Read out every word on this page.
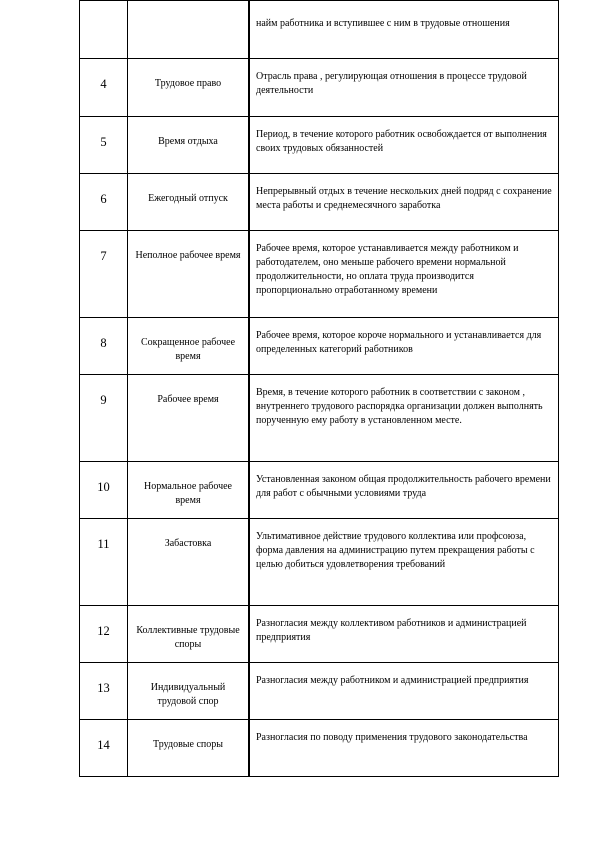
		найм работника и вступившее с ним в трудовые отношения

4	Трудовое право	Отрасль права , регулирующая отношения в процессе трудовой деятельности

5	Время отдыха	Период, в течение которого работник освобождается от выполнения своих трудовых обязанностей

6	Ежегодный отпуск	Непрерывный отдых в течение нескольких дней подряд с сохранение места работы и среднемесячного заработка

7	Неполное рабочее время	Рабочее время, которое устанавливается между работником и работодателем, оно меньше рабочего времени нормальной продолжительности, но оплата труда производится пропорционально отработанному времени

8	Сокращенное рабочее время	Рабочее время, которое короче нормального и устанавливается для определенных категорий работников

9	Рабочее время	Время, в течение которого работник в соответствии с законом , внутреннего трудового распорядка организации должен выполнять порученную ему работу в установленном месте.

10	Нормальное рабочее время	Установленная законом общая продолжительность рабочего времени для работ с обычными условиями труда

11	Забастовка	Ультимативное действие трудового коллектива или профсоюза, форма давления на администрацию путем прекращения работы с целью добиться удовлетворения требований

12	Коллективные трудовые споры	Разногласия между коллективом работников и администрацией предприятия

13	Индивидуальный трудовой спор	Разногласия между работником и администрацией предприятия

14	Трудовые споры	Разногласия по поводу применения трудового законодательства
